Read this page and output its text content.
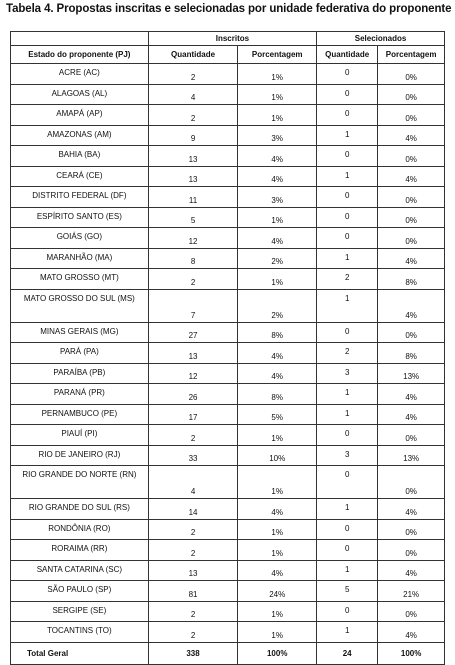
Tabela 4. Propostas inscritas e selecionadas por unidade federativa do proponente
	Inscritos		Selecionados	
Estado do proponente (PJ)	Quantidade	Porcentagem	Quantidade	Porcentagem
ACRE (AC)	2	1%	0	0%
ALAGOAS (AL)	4	1%	0	0%
AMAPÁ (AP)	2	1%	0	0%
AMAZONAS (AM)	9	3%	1	4%
BAHIA (BA)	13	4%	0	0%
CEARÁ (CE)	13	4%	1	4%
DISTRITO FEDERAL (DF)	11	3%	0	0%
ESPÍRITO SANTO (ES)	5	1%	0	0%
GOIÁS (GO)	12	4%	0	0%
MARANHÃO (MA)	8	2%	1	4%
MATO GROSSO (MT)	2	1%	2	8%
MATO GROSSO DO SUL (MS)	7	2%	1	4%
MINAS GERAIS (MG)	27	8%	0	0%
PARÁ (PA)	13	4%	2	8%
PARAÍBA (PB)	12	4%	3	13%
PARANÁ (PR)	26	8%	1	4%
PERNAMBUCO (PE)	17	5%	1	4%
PIAUÍ (PI)	2	1%	0	0%
RIO DE JANEIRO (RJ)	33	10%	3	13%
RIO GRANDE DO NORTE (RN)	4	1%	0	0%
RIO GRANDE DO SUL (RS)	14	4%	1	4%
RONDÔNIA (RO)	2	1%	0	0%
RORAIMA (RR)	2	1%	0	0%
SANTA CATARINA (SC)	13	4%	1	4%
SÃO PAULO (SP)	81	24%	5	21%
SERGIPE (SE)	2	1%	0	0%
TOCANTINS (TO)	2	1%	1	4%
Total Geral	338	100%	24	100%
